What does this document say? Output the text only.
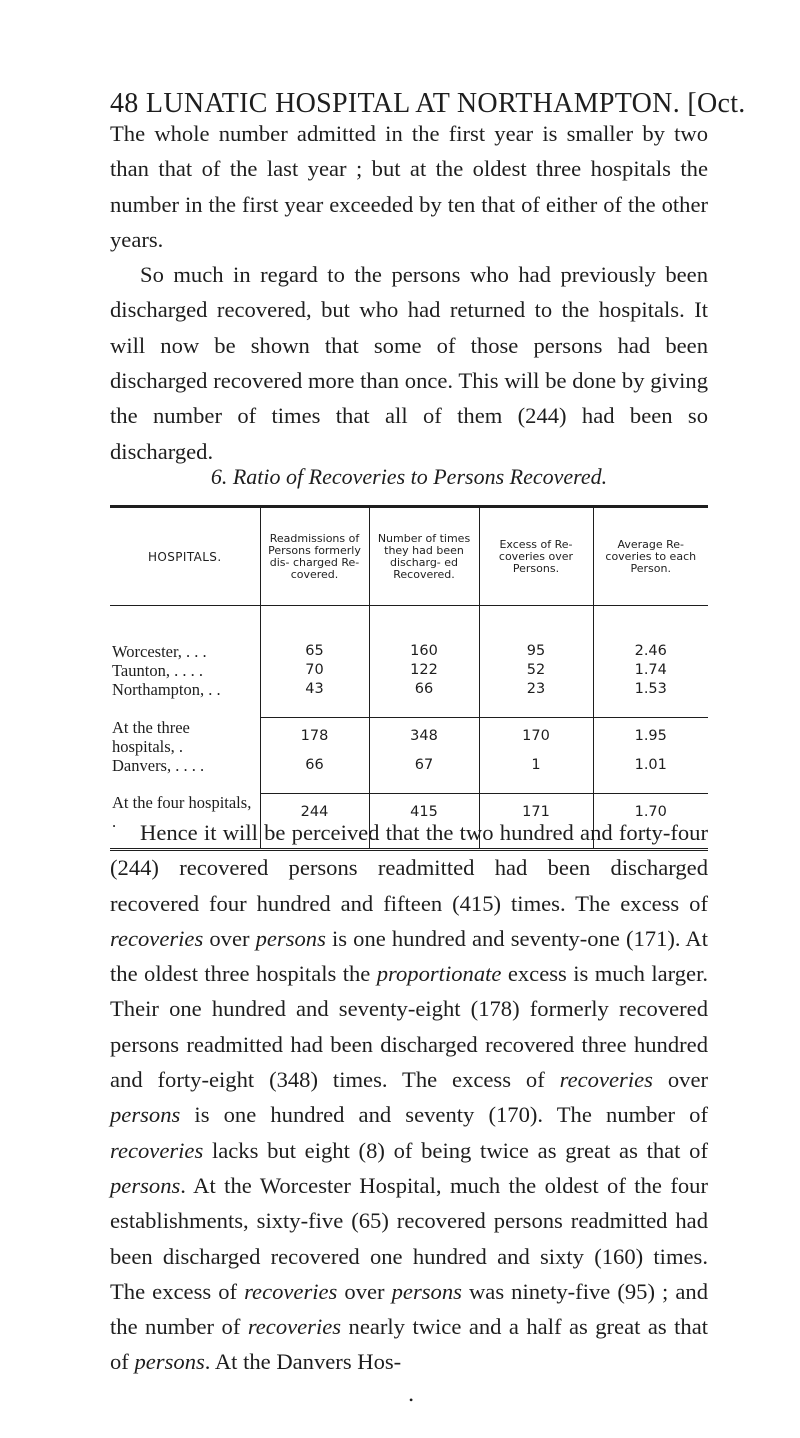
48 LUNATIC HOSPITAL AT NORTHAMPTON. [Oct.

The whole number admitted in the first year is smaller by two than that of the last year ; but at the oldest three hospitals the number in the first year exceeded by ten that of either of the other years.

So much in regard to the persons who had previously been discharged recovered, but who had returned to the hospitals. It will now be shown that some of those persons had been discharged recovered more than once. This will be done by giving the number of times that all of them (244) had been so discharged.

6. Ratio of Recoveries to Persons Recovered.
HOSPITALS.	Readmissions of Persons formerly dis- charged Re- covered.	Number of times they had been discharg- ed Recovered.	Excess of Re- coveries over Persons.	Average Re- coveries to each Person.

Worcester, . . .	65	160	95	2.46
Taunton, . . . .	70	122	52	1.74
Northampton, . .	43	66	23	1.53

At the three hospitals, .	178	348	170	1.95
Danvers, . . . .	66	67	1	1.01

At the four hospitals, .	244	415	171	1.70

Hence it will be perceived that the two hundred and forty-four (244) recovered persons readmitted had been discharged recovered four hundred and fifteen (415) times. The excess of recoveries over persons is one hundred and seventy-one (171). At the oldest three hospitals the proportionate excess is much larger. Their one hundred and seventy-eight (178) formerly recovered persons readmitted had been discharged recovered three hundred and forty-eight (348) times. The excess of recoveries over persons is one hundred and seventy (170). The number of recoveries lacks but eight (8) of being twice as great as that of persons. At the Worcester Hospital, much the oldest of the four establishments, sixty-five (65) recovered persons readmitted had been discharged recovered one hundred and sixty (160) times. The excess of recoveries over persons was ninety-five (95) ; and the number of recoveries nearly twice and a half as great as that of persons. At the Danvers Hos-

•
